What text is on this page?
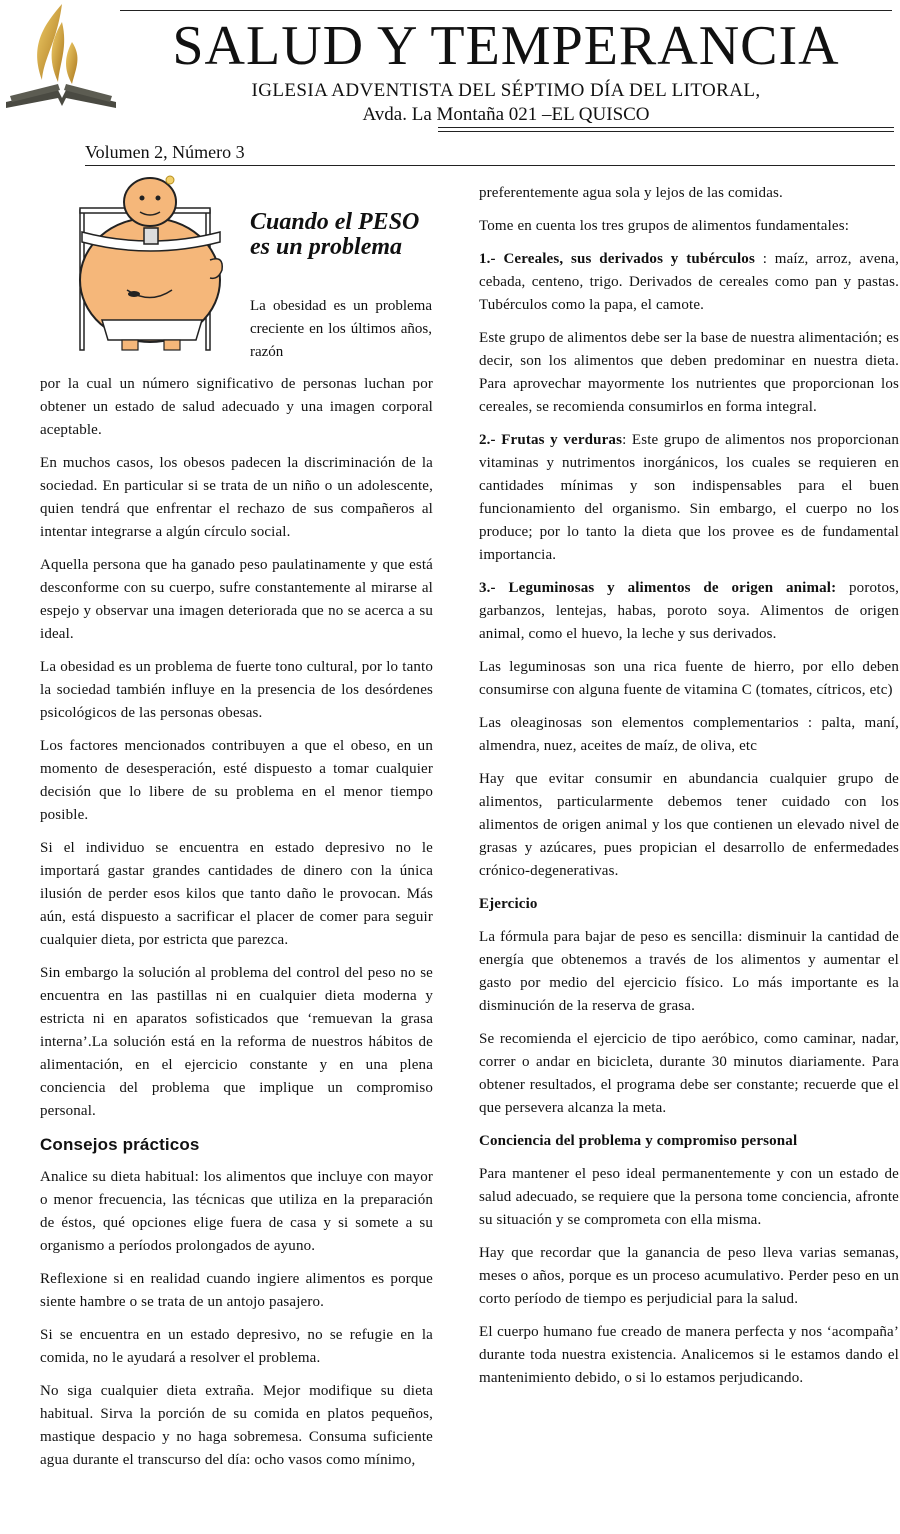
SALUD Y TEMPERANCIA
IGLESIA ADVENTISTA DEL SÉPTIMO DÍA DEL LITORAL,
Avda. La Montaña 021 –EL QUISCO
Volumen 2, Número 3
Cuando el PESO es un problema
La obesidad es un problema creciente en los últimos años, razón

por la cual un número significativo de personas luchan por obtener un estado de salud adecuado y una imagen corporal aceptable.

En muchos casos, los obesos padecen la discriminación de la sociedad. En particular si se trata de un niño o un adolescente, quien tendrá que enfrentar el rechazo de sus compañeros al intentar integrarse a algún círculo social.

Aquella persona que ha ganado peso paulatinamente y que está desconforme con su cuerpo, sufre constantemente al mirarse al espejo y observar una imagen deteriorada que no se acerca a su ideal.

La obesidad es un problema de fuerte tono cultural, por lo tanto la sociedad también influye en la presencia de los desórdenes psicológicos de las personas obesas.

Los factores mencionados contribuyen a que el obeso, en un momento de desesperación, esté dispuesto a tomar cualquier decisión que lo libere de su problema en el menor tiempo posible.

Si el individuo se encuentra en estado depresivo no le importará gastar grandes cantidades de dinero con la única ilusión de perder esos kilos que tanto daño le provocan. Más aún, está dispuesto a sacrificar el placer de comer para seguir cualquier dieta, por estricta que parezca.

Sin embargo la solución al problema del control del peso no se encuentra en las pastillas ni en cualquier dieta moderna y estricta ni en aparatos sofisticados que ‘remuevan la grasa interna’.La solución está en la reforma de nuestros hábitos de alimentación, en el ejercicio constante y en una plena conciencia del problema que implique un compromiso personal.

Consejos prácticos

Analice su dieta habitual: los alimentos que incluye con mayor o menor frecuencia, las técnicas que utiliza en la preparación de éstos, qué opciones elige fuera de casa y si somete a su organismo a períodos prolongados de ayuno.

Reflexione si en realidad cuando ingiere alimentos es porque siente hambre o se trata de un antojo pasajero.

Si se encuentra en un estado depresivo, no se refugie en la comida, no le ayudará a resolver el problema.

No siga cualquier dieta extraña. Mejor modifique su dieta habitual. Sirva la porción de su comida en platos pequeños, mastique despacio y no haga sobremesa. Consuma suficiente agua durante el transcurso del día: ocho vasos como mínimo,

preferentemente agua sola y lejos de las comidas.

Tome en cuenta los tres grupos de alimentos fundamentales:

1.- Cereales, sus derivados y tubérculos : maíz, arroz, avena, cebada, centeno, trigo. Derivados de cereales como pan y pastas. Tubérculos como la papa, el camote.

Este grupo de alimentos debe ser la base de nuestra alimentación; es decir, son los alimentos que deben predominar en nuestra dieta. Para aprovechar mayormente los nutrientes que proporcionan los cereales, se recomienda consumirlos en forma integral.

2.- Frutas y verduras: Este grupo de alimentos nos proporcionan vitaminas y nutrimentos inorgánicos, los cuales se requieren en cantidades mínimas y son indispensables para el buen funcionamiento del organismo. Sin embargo, el cuerpo no los produce; por lo tanto la dieta que los provee es de fundamental importancia.

3.- Leguminosas y alimentos de origen animal: porotos, garbanzos, lentejas, habas, poroto soya. Alimentos de origen animal, como el huevo, la leche y sus derivados.

Las leguminosas son una rica fuente de hierro, por ello deben consumirse con alguna fuente de vitamina C (tomates, cítricos, etc)

Las oleaginosas son elementos complementarios : palta, maní, almendra, nuez, aceites de maíz, de oliva, etc

Hay que evitar consumir en abundancia cualquier grupo de alimentos, particularmente debemos tener cuidado con los alimentos de origen animal y los que contienen un elevado nivel de grasas y azúcares, pues propician el desarrollo de enfermedades crónico-degenerativas.

Ejercicio

La fórmula para bajar de peso es sencilla: disminuir la cantidad de energía que obtenemos a través de los alimentos y aumentar el gasto por medio del ejercicio físico. Lo más importante es la disminución de la reserva de grasa.

Se recomienda el ejercicio de tipo aeróbico, como caminar, nadar, correr o andar en bicicleta, durante 30 minutos diariamente. Para obtener resultados, el programa debe ser constante; recuerde que el que persevera alcanza la meta.

Conciencia del problema y compromiso personal

Para mantener el peso ideal permanentemente y con un estado de salud adecuado, se requiere que la persona tome conciencia, afronte su situación y se comprometa con ella misma.

Hay que recordar que la ganancia de peso lleva varias semanas, meses o años, porque es un proceso acumulativo. Perder peso en un corto período de tiempo es perjudicial para la salud.

El cuerpo humano fue creado de manera perfecta y nos ‘acompaña’ durante toda nuestra existencia. Analicemos si le estamos dando el mantenimiento debido, o si lo estamos perjudicando.
